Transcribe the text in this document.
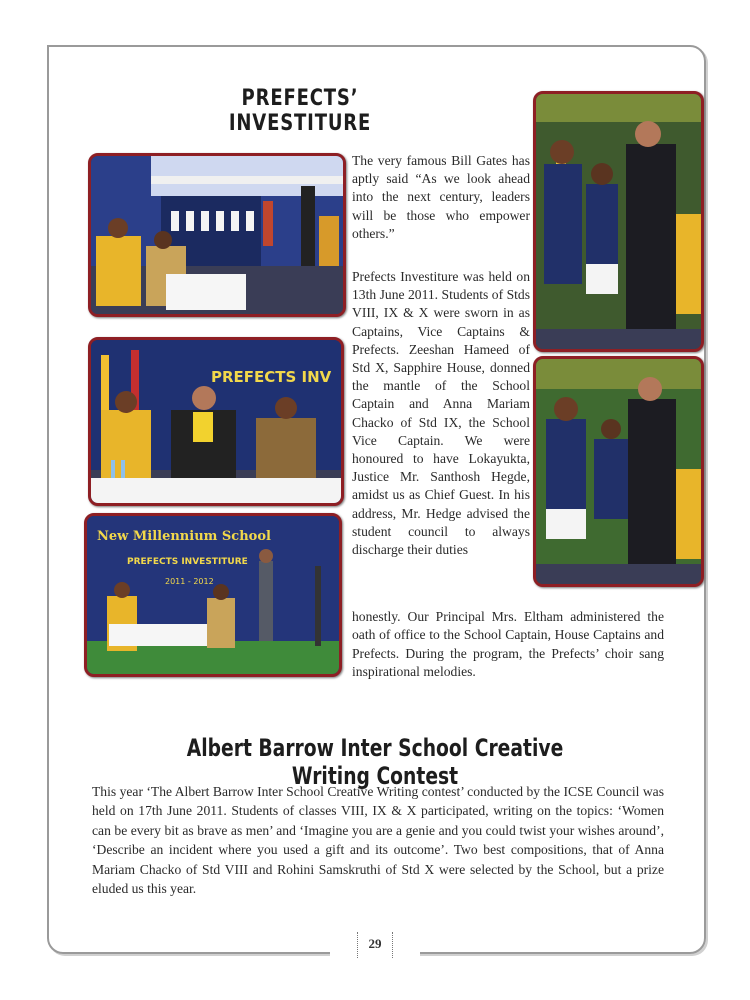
PREFECTS’ INVESTITURE
PREFECTS INV
New Millennium School
PREFECTS INVESTITURE
2011 - 2012

The very famous Bill Gates has aptly said “As we look ahead into the next century, leaders will be those who empower others.”

Prefects Investiture was held on 13th June 2011. Students of Stds VIII, IX & X were sworn in as Captains, Vice Captains & Prefects. Zeeshan Hameed of Std X, Sapphire House, donned the mantle of the School Captain and Anna Mariam Chacko of Std IX, the School Vice Captain. We were honoured to have Lokayukta, Justice Mr. Santhosh Hegde, amidst us as Chief Guest. In his address, Mr. Hedge advised the student council to always discharge their duties

honestly. Our Principal Mrs. Eltham administered the oath of office to the School Captain, House Captains and Prefects. During the program, the Prefects’ choir sang inspirational melodies.

Albert Barrow Inter School Creative Writing Contest

This year ‘The Albert Barrow Inter School Creative Writing contest’ conducted by the ICSE Council was held on 17th June 2011. Students of classes VIII, IX & X participated, writing on the topics: ‘Women can be every bit as brave as men’ and ‘Imagine you are a genie and you could twist your wishes around’, ‘Describe an incident where you used a gift and its outcome’. Two best compositions, that of Anna Mariam Chacko of Std VIII and Rohini Samskruthi of Std X were selected by the School, but a prize eluded us this year.

29
